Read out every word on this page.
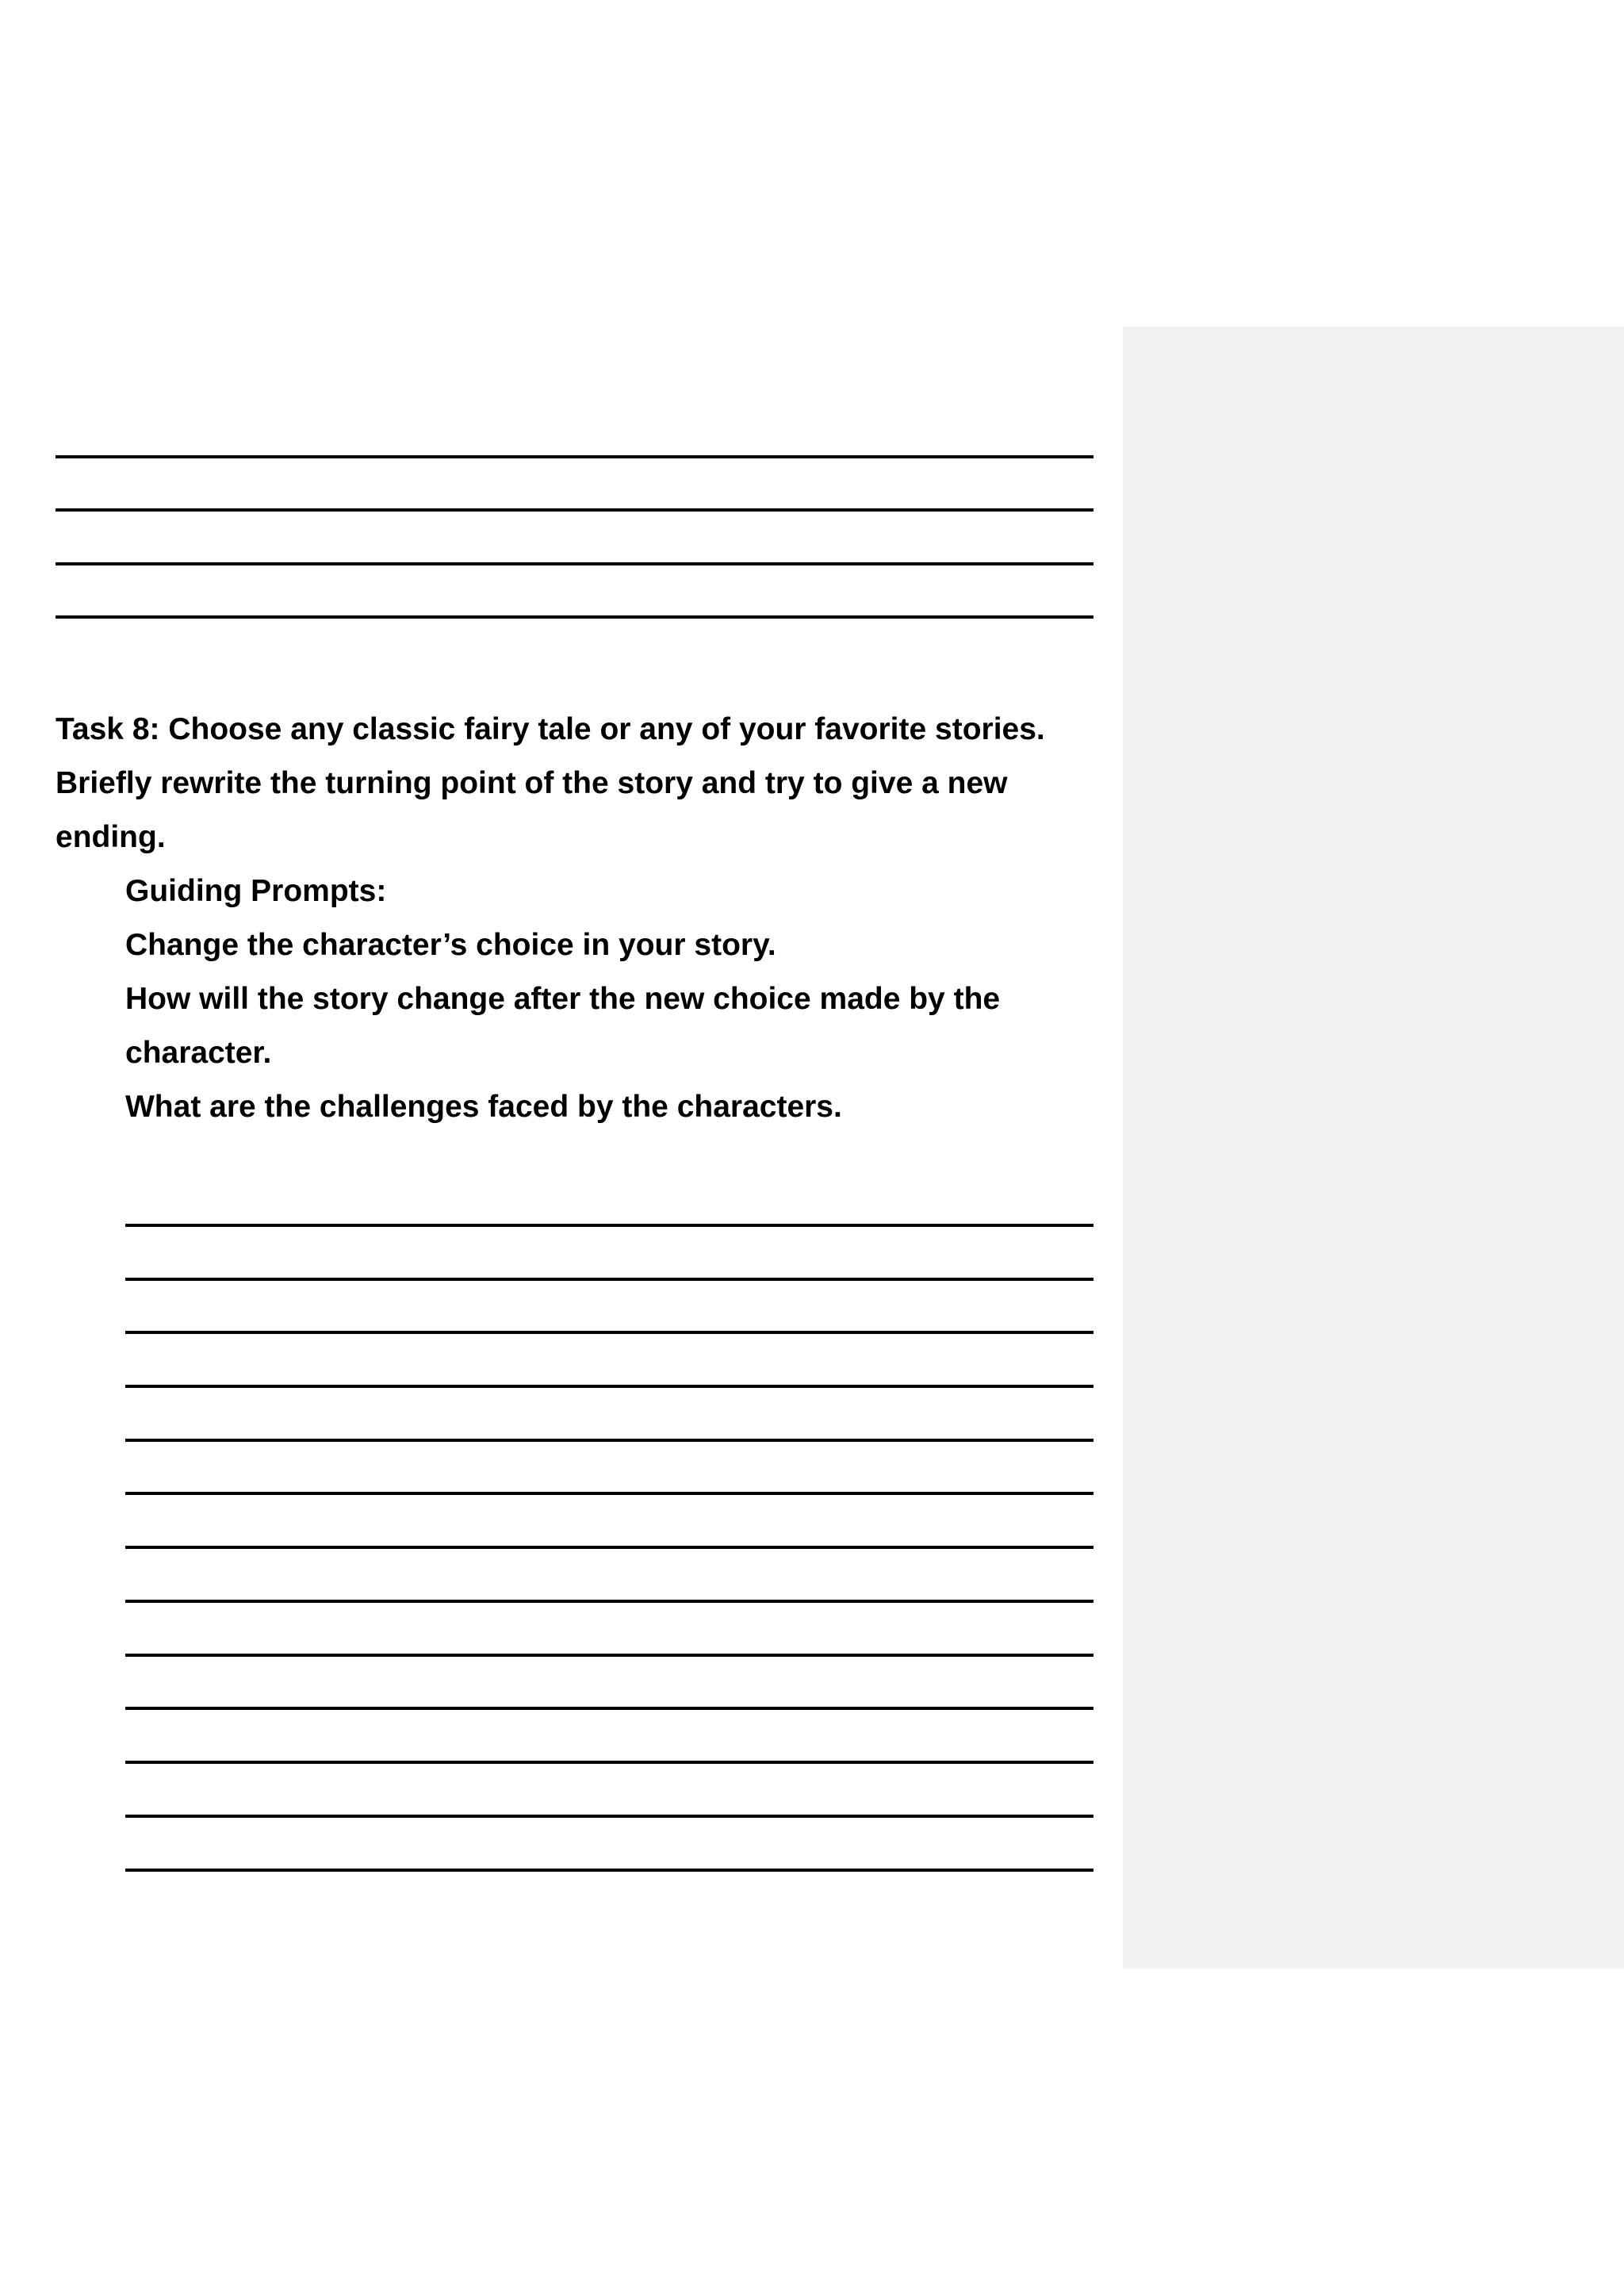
Task 8: Choose any classic fairy tale or any of your favorite stories. Briefly rewrite the turning point of the story and try to give a new ending.

Guiding Prompts:

Change the character’s choice in your story.

How will the story change after the new choice made by the character.

What are the challenges faced by the characters.
